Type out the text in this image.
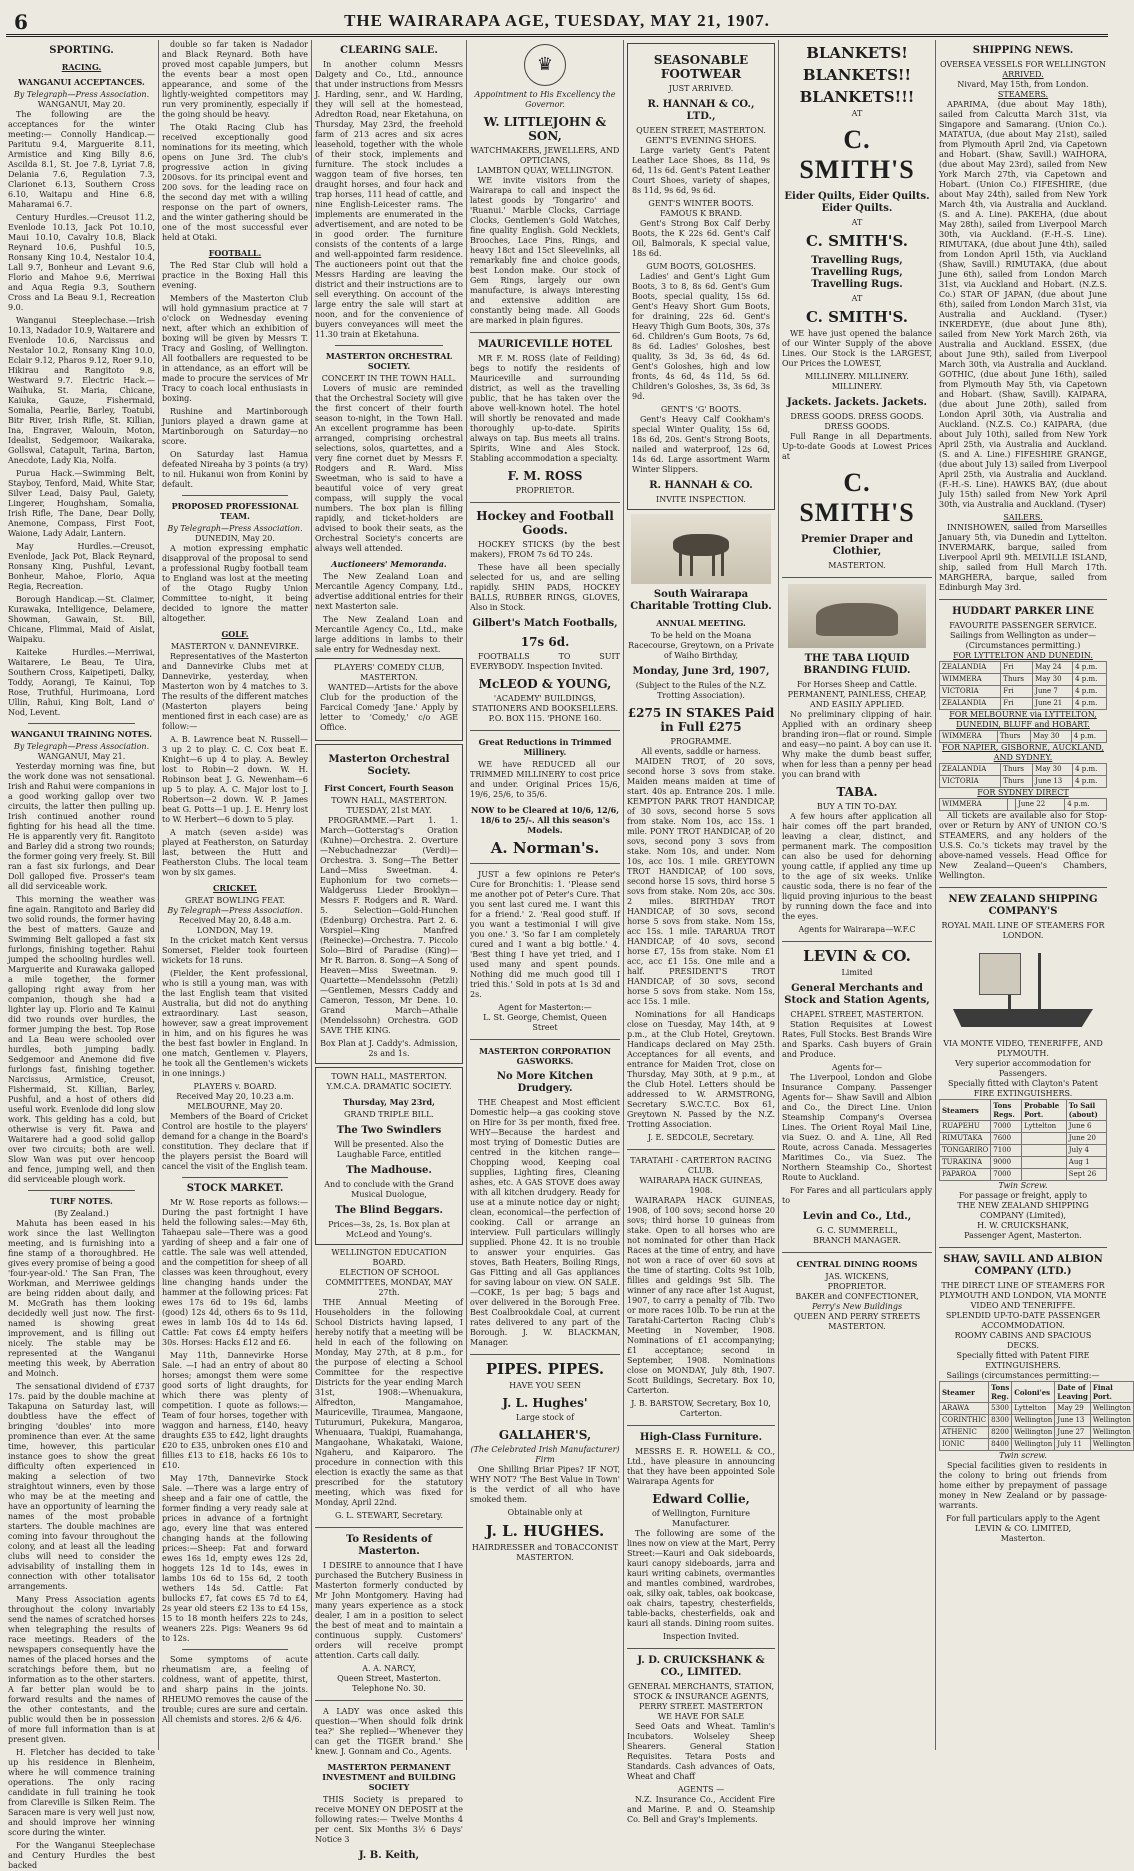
6	THE WAIRARAPA AGE, TUESDAY, MAY 21, 1907.
SPORTING.
RACING.
WANGANUI ACCEPTANCES.
By Telegraph—Press Association.
WANGANUI, May 20.

The following are the acceptances for the winter meeting:— Connolly Handicap.—Paritutu 9.4, Marguerite 8.11, Armistice and King Billy 8.6, Ascilda 8.1, St. Joe 7.8, Lyriat 7.8, Delania 7.6, Regulation 7.3, Clarionet 6.13, Southern Cross 6.10, Waitapu and Hine 6.8, Maharamai 6.7.

Century Hurdles.—Creusot 11.2, Evenlode 10.13, Jack Pot 10.10, Maui 10.10, Cavalry 10.8, Black Reynard 10.6, Pushful 10.5, Ronsany King 10.4, Nestalor 10.4, Lall 9.7, Bonheur and Levant 9.6, Florio and Mahoe 9.6, Merriwai and Aqua Regia 9.3, Southern Cross and La Beau 9.1, Recreation 9.0.

Wanganui Steeplechase.—Irish 10.13, Nadador 10.9, Waitarere and Evenlode 10.6, Narcissus and Nestalor 10.2, Ronsany King 10.0, Eclair 9.12, Pharos 9.12, Roer 9.10, Hikirau and Rangitoto 9.8, Westward 9.7. Electric Hack.—Waihuka, St. Maria, Chicane, Kaiuka, Gauze, Fishermaid, Somalia, Pearlie, Barley, Toatubi, Bitr River, Irish Rifle, St. Killian, Ina, Engraver, Walouin, Moton, Idealist, Sedgemoor, Waikaraka, Gollswal, Catapult, Tarina, Barton, Anecdote, Lady Kia, Nolfa.

Purua Hack.—Swimming Belt, Stayboy, Tenford, Maid, White Star, Silver Lead, Daisy Paul, Gaiety, Lingerer, Houghsham, Somalia, Irish Rifle, The Dane, Dear Dolly, Anemone, Compass, First Foot, Waione, Lady Adair, Lantern.

May Hurdles.—Creusot, Evenlode, Jack Pot, Black Reynard, Ronsany King, Pushful, Levant, Bonheur, Mahoe, Florio, Aqua Regia, Recreation.

Borough Handicap.—St. Claimer, Kurawaka, Intelligence, Delamere, Showman, Gawain, St. Bill, Chicane, Flimmai, Maid of Aislat, Waipaku.

Kaiteke Hurdles.—Merriwai, Waitarere, Le Beau, Te Uira, Southern Cross, Kaipetipeti, Dalky, Toddy, Aorangi, Te Kainui, Top Rose, Truthful, Hurimoana, Lord Ullin, Rahui, King Bolt, Land o' Nod, Levent.

WANGANUI TRAINING NOTES.
By Telegraph—Press Association.
WANGANUI, May 21.

Yesterday morning was fine, but the work done was not sensational. Irish and Rahui were companions in a good working gallop over two circuits, the latter then pulling up. Irish continued another round fighting for his head all the time. He is apparently very fit. Rangitoto and Barley did a strong two rounds; the former going very freely. St. Bill ran a fast six furlongs, and Dear Doll galloped five. Prosser's team all did serviceable work.

This morning the weather was fine again. Rangitoto and Barley did two solid rounds, the former having the best of matters. Gauze and Swimming Belt galloped a fast six furlongs, finishing together. Rahui jumped the schooling hurdles well. Marguerite and Kurawaka galloped a mile together, the former galloping right away from her companion, though she had a lighter lay up. Florio and Te Kainui did two rounds over hurdles, the former jumping the best. Top Rose and La Beau were schooled over hurdles, both jumping badly. Sedgemoor and Anemone did five furlongs fast, finishing together. Narcissus, Armistice, Creusot, Fishermaid, St. Killian, Barley, Pushful, and a host of others did useful work. Evenlode did long slow work. This gelding has a cold, but otherwise is very fit. Pawa and Waitarere had a good solid gallop over two circuits; both are well. Slow Wan was put over hencoop and fence, jumping well, and then did serviceable plough work.

TURF NOTES.
(By Zealand.)

Mahuta has been eased in his work since the last Wellington meeting, and is furnishing into a fine stamp of a thoroughbred. He gives every promise of being a good 'four-year-old.' The San Fran, The Workman, and Merriwee geldings are being ridden about daily, and M. McGrath has them looking decidedly well just now. The first-named is showing great improvement, and is filling out nicely. The stable may be represented at the Wanganui meeting this week, by Aberration and Moinch.

The sensational dividend of £737 17s. paid by the double machine at Takapuna on Saturday last, will doubtless have the effect of bringing 'doubles' into more prominence than ever. At the same time, however, this particular instance goes to show the great difficulty often experienced in making a selection of two straightout winners, even by those who may be at the meeting and have an opportunity of learning the names of the most probable starters. The double machines are coming into favour throughout the colony, and at least all the leading clubs will need to consider the advisability of installing them in connection with other totalisator arrangements.

Many Press Association agents throughout the colony invariably send the names of scratched horses when telegraphing the results of race meetings. Readers of the newspapers consequently have the names of the placed horses and the scratchings before them, but no information as to the other starters. A far better plan would be to forward results and the names of the other contestants, and the public would then be in possession of more full information than is at present given.

H. Fletcher has decided to take up his residence in Blenheim, where he will commence training operations. The only racing candidate in full training he took from Clareville is Silken Reim. The Saracen mare is very well just now, and should improve her winning score during the winter.

For the Wanganui Steeplechase and Century Hurdles the best backed

double so far taken is Nadador and Black Reynard. Both have proved most capable jumpers, but the events bear a most open appearance, and some of the lightly-weighted competitors may run very prominently, especially if the going should be heavy.

The Otaki Racing Club has received exceptionally good nominations for its meeting, which opens on June 3rd. The club's progressive action in giving 200sovs. for its principal event and 200 sovs. for the leading race on the second day met with a willing response on the part of owners, and the winter gathering should be one of the most successful ever held at Otaki.

FOOTBALL.

The Red Star Club will hold a practice in the Boxing Hall this evening.

Members of the Masterton Club will hold gymnasium practice at 7 o'clock on Wednesday evening next, after which an exhibition of boxing will be given by Messrs T. Tracy and Gosling, of Wellington. All footballers are requested to be in attendance, as an effort will be made to procure the services of Mr Tracy to coach local enthusiasts in boxing.

Rushine and Martinborough Juniors played a drawn game at Martinborough on Saturday—no score.

On Saturday last Hamua defeated Nireaha by 3 points (a try) to nil. Hukanui won from Konini by default.

PROPOSED PROFESSIONAL TEAM.
By Telegraph—Press Association.
DUNEDIN, May 20.

A motion expressing emphatic disapproval of the proposal to send a professional Rugby football team to England was lost at the meeting of the Otago Rugby Union Committee to-night, it being decided to ignore the matter altogether.

GOLF.
MASTERTON v. DANNEVIRKE.

Representatives of the Masterton and Dannevirke Clubs met at Dannevirke, yesterday, when Masterton won by 4 matches to 3. The results of the different matches (Masterton players being mentioned first in each case) are as follow:—

A. B. Lawrence beat N. Russell—3 up 2 to play. C. C. Cox beat E. Knight—6 up 4 to play. A. Bewley lost to Robin—2 down. W. H. Robinson beat J. G. Newenham—6 up 5 to play. A. C. Major lost to J. Robertson—2 down. W. P. James beat G. Potts—1 up. J. E. Henry lost to W. Herbert—6 down to 5 play.

A match (seven a-side) was played at Featherston, on Saturday last, between the Hutt and Featherston Clubs. The local team won by six games.

CRICKET.
GREAT BOWLING FEAT.
By Telegraph—Press Association.
Received May 20, 8.48 a.m.
LONDON, May 19.

In the cricket match Kent versus Somerset, Fielder took fourteen wickets for 18 runs.

(Fielder, the Kent professional, who is still a young man, was with the last English team that visited Australia, but did not do anything extraordinary. Last season, however, saw a great improvement in him, and on his figures he was the best fast bowler in England. In one match, Gentlemen v. Players, he took all the Gentlemen's wickets in one innings.)

PLAYERS v. BOARD.
Received May 20, 10.23 a.m.
MELBOURNE, May 20.

Members of the Board of Cricket Control are hostile to the players' demand for a change in the Board's constitution. They declare that if the players persist the Board will cancel the visit of the English team.

STOCK MARKET.

Mr W. Rose reports as follows:—During the past fortnight I have held the following sales:—May 6th, Tahaepau sale—There was a good yarding of sheep and a fair one of cattle. The sale was well attended, and the competition for sheep of all classes was keen throughout, every line changing hands under the hammer at the following prices: Fat ewes 17s 6d to 19s 6d, lambs (good) 12s 4d, others 6s to 9s 11d, ewes in lamb 10s 4d to 14s 6d. Cattle: Fat cows £4 empty heifers 30s. Horses: Hacks £12 and £6.

May 11th, Dannevirke Horse Sale. —I had an entry of about 80 horses; amongst them were some good sorts of light draughts, for which there was plenty of competition. I quote as follows:—Team of four horses, together with waggon and harness, £140, heavy draughts £35 to £42, light draughts £20 to £35, unbroken ones £10 and fillies £13 to £18, hacks £6 10s to £10.

May 17th, Dannevirke Stock Sale. —There was a large entry of sheep and a fair one of cattle, the former finding a very ready sale at prices in advance of a fortnight ago, every line that was entered changing hands at the following prices:—Sheep: Fat and forward ewes 16s 1d, empty ewes 12s 2d, hoggets 12s 1d to 14s, ewes in lambs 10s 6d to 15s 6d, 2 tooth wethers 14s 5d. Cattle: Fat bullocks £7, fat cows £5 7d to £4, 2s year old steers £2 13s to £4 15s, 15 to 18 month heifers 22s to 24s, weaners 22s. Pigs: Weaners 9s 6d to 12s.

Some symptoms of acute rheumatism are, a feeling of coldness, want of appetite, thirst, and sharp pains in the joints. RHEUMO removes the cause of the trouble; cures are sure and certain. All chemists and stores. 2/6 & 4/6.

CLEARING SALE.

In another column Messrs Dalgety and Co., Ltd., announce that under instructions from Messrs J. Harding, senr., and W. Harding, they will sell at the homestead, Adredton Road, near Eketahuna, on Thursday, May 23rd, the freehold farm of 213 acres and six acres leasehold, together with the whole of their stock, implements and furniture. The stock includes a waggon team of five horses, ten draught horses, and four hack and trap horses, 111 head of cattle, and nine English-Leicester rams. The implements are enumerated in the advertisement, and are noted to be in good order. The furniture consists of the contents of a large and well-appointed farm residence. The auctioneers point out that the Messrs Harding are leaving the district and their instructions are to sell everything. On account of the large entry the sale will start at noon, and for the convenience of buyers conveyances will meet the 11.30 train at Eketahuna.

MASTERTON ORCHESTRAL SOCIETY.
CONCERT IN THE TOWN HALL.

Lovers of music are reminded that the Orchestral Society will give the first concert of their fourth season to-night, in the Town Hall. An excellent programme has been arranged, comprising orchestral selections, solos, quartettes, and a very fine cornet duet by Messrs F. Rodgers and R. Ward. Miss Sweetman, who is said to have a beautiful voice of very great compass, will supply the vocal numbers. The box plan is filling rapidly, and ticket-holders are advised to book their seats, as the Orchestral Society's concerts are always well attended.

Auctioneers' Memoranda.

The New Zealand Loan and Mercantile Agency Company, Ltd., advertise additional entries for their next Masterton sale.

The New Zealand Loan and Mercantile Agency Co., Ltd., make large additions in lambs to their sale entry for Wednesday next.

PLAYERS' COMEDY CLUB, MASTERTON.

WANTED—Artists for the above Club for the production of the Farcical Comedy 'Jane.' Apply by letter to 'Comedy,' c/o AGE Office.

Masterton Orchestral Society.
First Concert, Fourth Season
TOWN HALL, MASTERTON.
TUESDAY, 21st MAY.

PROGRAMME.—Part 1. 1. March—Gotterstag's Oration (Kuhne)—Orchestra. 2. Overture—Nebuchadnezzar (Verdi)—Orchestra. 3. Song—The Better Land—Miss Sweetman. 4. Euphonium for two cornets—Waldgeruss Lieder Brooklyn—Messrs F. Rodgers and R. Ward. 5. Selection—Gold-Hunchen (Edenburg) Orchestra. Part 2. 6. Vorspiel—King Manfred (Reinecke)—Orchestra. 7. Piccolo Solo—Bird of Paradise (King)—Mr R. Barron. 8. Song—A Song of Heaven—Miss Sweetman. 9. Quartette—Mendelssohn (Petzli)—Gentlemen, Messrs Caddy and Cameron, Tesson, Mr Dene. 10. Grand March—Athalie (Mendelssohn) Orchestra. GOD SAVE THE KING.

Box Plan at J. Caddy's. Admission, 2s and 1s.
TOWN HALL, MASTERTON.
Y.M.C.A. DRAMATIC SOCIETY.
Thursday, May 23rd,
GRAND TRIPLE BILL.
The Two Swindlers
Will be presented. Also the Laughable Farce, entitled
The Madhouse.
And to conclude with the Grand Musical Duologue,
The Blind Beggars.
Prices—3s, 2s, 1s. Box plan at McLeod and Young's.
WELLINGTON EDUCATION BOARD.
ELECTION OF SCHOOL COMMITTEES, MONDAY, MAY 27th.

THE Annual Meeting of Householders in the following School Districts having lapsed, I hereby notify that a meeting will be held in each of the following on Monday, May 27th, at 8 p.m., for the purpose of electing a School Committee for the respective Districts for the year ending March 31st, 1908:—Whenuakura, Alfredton, Mangamahoe, Mauriceville, Tiraumea, Mangaone, Tuturumuri, Pukekura, Mangaroa, Whenuaara, Tuakipi, Ruamahanga, Mangaohane, Whakataki, Waione, Ngaheru, and Kaiparoro. The procedure in connection with this election is exactly the same as that prescribed for the statutory meeting, which was fixed for Monday, April 22nd.

G. L. STEWART, Secretary.
To Residents of Masterton.

I DESIRE to announce that I have purchased the Butchery Business in Masterton formerly conducted by Mr John Montgomery. Having had many years experience as a stock dealer, I am in a position to select the best of meat and to maintain a continuous supply. Customers' orders will receive prompt attention. Carts call daily.

A. A. NARCY,
Queen Street, Masterton.
Telephone No. 30.

A LADY was once asked this question—'When should folk drink tea?' She replied—'Whenever they can get the TIGER brand.' She knew. J. Gonnam and Co., Agents.

MASTERTON PERMANENT INVESTMENT and BUILDING SOCIETY

THIS Society is prepared to receive MONEY ON DEPOSIT at the following rates:— Twelve Months 4 per cent. Six Months 3½ 6 Days' Notice 3

J. B. Keith,
♛
Appointment to His Excellency the Governor.
W. LITTLEJOHN & SON,
WATCHMAKERS, JEWELLERS, AND OPTICIANS,
LAMBTON QUAY, WELLINGTON.

WE invite visitors from the Wairarapa to call and inspect the latest goods by 'Tongariro' and 'Ruanui.' Marble Clocks, Carriage Clocks, Gentlemen's Gold Watches, fine quality English. Gold Necklets, Brooches, Lace Pins, Rings, and heavy 18ct and 15ct Sleevelinks, all remarkably fine and choice goods, best London make. Our stock of Gem Rings, largely our own manufacture, is always interesting and extensive addition are constantly being made. All Goods are marked in plain figures.

MAURICEVILLE HOTEL

MR F. M. ROSS (late of Feilding) begs to notify the residents of Mauriceville and surrounding district, as well as the travelling public, that he has taken over the above well-known hotel. The hotel will shortly be renovated and made thoroughly up-to-date. Spirits always on tap. Bus meets all trains. Spirits, Wine and Ales Stock. Stabling accommodation a specialty.

F. M. ROSS
PROPRIETOR.
Hockey and Football Goods.

HOCKEY STICKS (by the best makers), FROM 7s 6d TO 24s.

These have all been specially selected for us, and are selling rapidly. SHIN PADS, HOCKEY BALLS, RUBBER RINGS, GLOVES, Also in Stock.

Gilbert's Match Footballs,
17s 6d.

FOOTBALLS TO SUIT EVERYBODY. Inspection Invited.

McLEOD & YOUNG,
'ACADEMY' BUILDINGS, STATIONERS AND BOOKSELLERS.
P.O. BOX 115. 'PHONE 160.
Great Reductions in Trimmed Millinery.

WE have REDUCED all our TRIMMED MILLINERY to cost price and under. Original Prices 15/6, 19/6, 25/6, to 35/6.

NOW to be Cleared at 10/6, 12/6, 18/6 to 25/-. All this season's Models.
A. Norman's.

JUST a few opinions re Peter's Cure for Bronchitis: 1. 'Please send me another pot of Peter's Cure. That you sent last cured me. I want this for a friend.' 2. 'Real good stuff. If you want a testimonial I will give you one.' 3. 'So far I am completely cured and I want a big bottle.' 4. 'Best thing I have yet tried, and I used many and spent pounds. Nothing did me much good till I tried this.' Sold in pots at 1s 3d and 2s.

Agent for Masterton:—
L. St. George, Chemist, Queen Street
MASTERTON CORPORATION GASWORKS.
No More Kitchen Drudgery.

THE Cheapest and Most efficient Domestic help—a gas cooking stove on Hire for 3s per month, fixed free. WHY—Because the hardest and most trying of Domestic Duties are centred in the kitchen range—Chopping wood, Keeping coal supplies, Lighting fires, Cleaning ashes, etc. A GAS STOVE does away with all kitchen drudgery. Ready for use at a minute notice day or night; clean, economical—the perfection of cooking. Call or arrange an interview. Full particulars willingly supplied. Phone 42. It is no trouble to answer your enquiries. Gas stoves, Bath Heaters, Boiling Rings, Gas Fitting and all Gas appliances for saving labour on view. ON SALE.—COKE, 1s per bag; 5 bags and over delivered in the Borough Free. Best Coalbrookdale Coal, at current rates delivered to any part of the Borough. J. W. BLACKMAN, Manager.

PIPES. PIPES.
HAVE YOU SEEN
J. L. Hughes'
Large stock of
GALLAHER'S,
(The Celebrated Irish Manufacturer) Firm

One Shilling Briar Pipes? IF NOT, WHY NOT? 'The Best Value in Town' is the verdict of all who have smoked them.

Obtainable only at
J. L. HUGHES.
HAIRDRESSER and TOBACCONIST
MASTERTON.
SEASONABLE FOOTWEAR
JUST ARRIVED.
R. HANNAH & CO., LTD.,
QUEEN STREET, MASTERTON.
GENT'S EVENING SHOES.

Large variety Gent's Patent Leather Lace Shoes, 8s 11d, 9s 6d, 11s 6d. Gent's Patent Leather Court Shoes, variety of shapes, 8s 11d, 9s 6d, 9s 6d.

GENT'S WINTER BOOTS.
FAMOUS K BRAND.

Gent's Strong Box Calf Derby Boots, the K 22s 6d. Gent's Calf Oil, Balmorals, K special value, 18s 6d.

GUM BOOTS, GOLOSHES.

Ladies' and Gent's Light Gum Boots, 3 to 8, 8s 6d. Gent's Gum Boots, special quality, 15s 6d. Gent's Heavy Short Gum Boots, for draining, 22s 6d. Gent's Heavy Thigh Gum Boots, 30s, 37s 6d. Children's Gum Boots, 7s 6d, 8s 6d. Ladies' Goloshes, best quality, 3s 3d, 3s 6d, 4s 6d. Gent's Goloshes, high and low fronts, 4s 6d, 4s 11d, 5s 6d. Children's Goloshes, 3s, 3s 6d, 3s 9d.

GENT'S 'G' BOOTS.

Gent's Heavy Calf Cookham's special Winter Quality, 15s 6d, 18s 6d, 20s. Gent's Strong Boots, nailed and waterproof, 12s 6d, 14s 6d. Large assortment Warm Winter Slippers.

R. HANNAH & CO.
INVITE INSPECTION.
South Wairarapa Charitable Trotting Club.
ANNUAL MEETING.
To be held on the Moana Racecourse, Greytown, on a Private of Waiho Birthday,
Monday, June 3rd, 1907,
(Subject to the Rules of the N.Z. Trotting Association).
£275 IN STAKES Paid in Full £275
PROGRAMME.
All events, saddle or harness.

MAIDEN TROT, of 20 sovs, second horse 3 sovs from stake. Maiden means maiden at time of start. 40s ap. Entrance 20s. 1 mile. KEMPTON PARK TROT HANDICAP, of 30 sovs, second horse 5 sovs from stake. Nom 10s, acc 15s. 1 mile. PONY TROT HANDICAP, of 20 sovs, second pony 3 sovs from stake. Nom 10s, and under. Nom 10s, acc 10s. 1 mile. GREYTOWN TROT HANDICAP, of 100 sovs, second horse 15 sovs, third horse 5 sovs from stake. Nom 20s, acc 30s. 2 miles. BIRTHDAY TROT HANDICAP, of 30 sovs, second horse 5 sovs from stake. Nom 15s, acc 15s. 1 mile. TARARUA TROT HANDICAP, of 40 sovs, second horse £7, 15s from stake. Nom £1 acc, acc £1 15s. One mile and a half. PRESIDENT'S TROT HANDICAP, of 30 sovs, second horse 5 sovs from stake. Nom 15s, acc 15s. 1 mile.

Nominations for all Handicaps close on Tuesday, May 14th, at 9 p.m., at the Club Hotel, Greytown. Handicaps declared on May 25th. Acceptances for all events, and entrance for Maiden Trot, close on Thursday, May 30th, at 9 p.m., at the Club Hotel. Letters should be addressed to W. ARMSTRONG, Secretary S.W.C.T.C. Box 61, Greytown N. Passed by the N.Z. Trotting Association.

J. E. SEDCOLE, Secretary.
TARATAHI - CARTERTON RACING CLUB.
WAIRARAPA HACK GUINEAS, 1908.

WAIRARAPA HACK GUINEAS, 1908, of 100 sovs; second horse 20 sovs; third horse 10 guineas from stake. Open to all horses who are not nominated for other than Hack Races at the time of entry, and have not won a race of over 60 sovs at the time of starting. Colts 9st 10lb, fillies and geldings 9st 5lb. The winner of any race after 1st August, 1907, to carry a penalty of 7lb. Two or more races 10lb. To be run at the Taratahi-Carterton Racing Club's Meeting in November, 1908. Nominations of £1 accompanying; £1 acceptance; second in September, 1908. Nominations close on MONDAY, July 8th, 1907. Scott Buildings, Secretary. Box 10, Carterton.

J. B. BARSTOW, Secretary, Box 10, Carterton.
High-Class Furniture.

MESSRS E. R. HOWELL & CO., Ltd., have pleasure in announcing that they have been appointed Sole Wairarapa Agents for

Edward Collie,
of Wellington, Furniture Manufacturer.

The following are some of the lines now on view at the Mart, Perry Street:—Kauri and Oak sideboards, kauri canopy sideboards, jarra and kauri writing cabinets, overmantles and mantles combined, wardrobes, oak, silky oak, tables, oak bookcase, oak chairs, tapestry, chesterfields, table-backs, chesterfields, oak and kauri all stands. Dining room suites.

Inspection Invited.
J. D. CRUICKSHANK & CO., LIMITED.
GENERAL MERCHANTS, STATION, STOCK & INSURANCE AGENTS,
PERRY STREET. MASTERTON
WE HAVE FOR SALE

Seed Oats and Wheat. Tamlin's Incubators. Wolseley Sheep Shearers. General Station Requisites. Tetara Posts and Standards. Cash advances of Oats, Wheat and Chaff

AGENTS —

N.Z. Insurance Co., Accident Fire and Marine. P. and O. Steamship Co. Bell and Gray's Implements.

BLANKETS!
BLANKETS!!
BLANKETS!!!
AT
C. SMITH'S
Eider Quilts, Eider Quilts. Eider Quilts.
AT
C. SMITH'S.
Travelling Rugs, Travelling Rugs, Travelling Rugs.
AT
C. SMITH'S.

WE have just opened the balance of our Winter Supply of the above Lines. Our Stock is the LARGEST, Our Prices the LOWEST,

MILLINERY. MILLINERY. MILLINERY.
Jackets. Jackets. Jackets.
DRESS GOODS. DRESS GOODS. DRESS GOODS.

Full Range in all Departments. Up-to-date Goods at Lowest Prices at

C. SMITH'S
Premier Draper and Clothier,
MASTERTON.
THE TABA LIQUID BRANDING FLUID.
For Horses Sheep and Cattle.
PERMANENT, PAINLESS, CHEAP, AND EASILY APPLIED.

No preliminary clipping of hair. Applied with an ordinary sheep branding iron—flat or round. Simple and easy—no paint. A boy can use it. Why make the dumb beast suffer, when for less than a penny per head you can brand with

TABA.
BUY A TIN TO-DAY.

A few hours after application all hair comes off the part branded, leaving a clear, distinct, and permanent mark. The composition can also be used for dehorning young cattle, if applied any time up to the age of six weeks. Unlike caustic soda, there is no fear of the liquid proving injurious to the beast by running down the face and into the eyes.

Agents for Wairarapa—W.F.C
LEVIN & CO.
Limited
General Merchants and Stock and Station Agents,
CHAPEL STREET, MASTERTON.

Station Requisites at Lowest Rates, Full Stocks. Best Brands Wire and Sparks. Cash buyers of Grain and Produce.

Agents for—

The Liverpool, London and Globe Insurance Company. Passenger Agents for— Shaw Savill and Albion and Co., the Direct Line. Union Steamship Company's Oversea Lines. The Orient Royal Mail Line, via Suez. O. and A. Line, All Red Route, across Canada. Messageries Maritimes Co., via Suez. The Northern Steamship Co., Shortest Route to Auckland.

For Fares and all particulars apply to

Levin and Co., Ltd.,
G. C. SUMMERELL,
BRANCH MANAGER.
CENTRAL DINING ROOMS
JAS. WICKENS,
PROPRIETOR.
BAKER and CONFECTIONER,
Perry's New Buildings
QUEEN AND PERRY STREETS
MASTERTON.
SHIPPING NEWS.
OVERSEA VESSELS FOR WELLINGTON
ARRIVED.
Nivard, May 15th, from London.
STEAMERS.

APARIMA, (due about May 18th), sailed from Calcutta March 31st, via Singapore and Samarang. (Union Co.). MATATUA, (due about May 21st), sailed from Plymouth April 2nd, via Capetown and Hobart. (Shaw, Savill.) WAIHORA, (due about May 23rd), sailed from New York March 27th, via Capetown and Hobart. (Union Co.) FIFESHIRE, (due about May 24th), sailed from New York March 4th, via Australia and Auckland. (S. and A. Line). PAKEHA, (due about May 28th), sailed from Liverpool March 30th, via Auckland. (F.-H.-S. Line). RIMUTAKA, (due about June 4th), sailed from London April 15th, via Auckland (Shaw, Savill.) RIMUTAKA, (due about June 6th), sailed from London March 31st, via Auckland and Hobart. (N.Z.S. Co.) STAR OF JAPAN, (due about June 6th), sailed from London March 31st, via Australia and Auckland. (Tyser.) INKERDEYE, (due about June 8th), sailed from New York March 26th, via Australia and Auckland. ESSEX, (due about June 9th), sailed from Liverpool March 30th, via Australia and Auckland. GOTHIC, (due about June 16th), sailed from Plymouth May 5th, via Capetown and Hobart. (Shaw, Savill). KAIPARA, (due about June 20th), sailed from London April 30th, via Australia and Auckland. (N.Z.S. Co.) KAIPARA, (due about July 10th), sailed from New York April 25th, via Australia and Auckland. (S. and A. Line.) FIFESHIRE GRANGE, (due about July 13) sailed from Liverpool April 25th, via Australia and Auckland. (F.-H.-S. Line). HAWKS BAY, (due about July 15th) sailed from New York April 30th, via Australia and Auckland. (Tyser)

SAILERS.

INNISHOWEN, sailed from Marseilles January 5th, via Dunedin and Lyttelton. INVERMARK, barque, sailed from Liverpool April 9th. MELVILLE ISLAND, ship, sailed from Hull March 17th. MARGHERA, barque, sailed from Edinburgh May 3rd.

HUDDART PARKER LINE
FAVOURITE PASSENGER SERVICE.
Sailings from Wellington as under—(Circumstances permitting.)
FOR LYTTELTON AND DUNEDIN.
ZEALANDIA	Fri	May 24	4 p.m.
WIMMERA	Thurs	May 30	4 p.m.
VICTORIA	Fri	June 7	4 p.m.
ZEALANDIA	Fri	June 21	4 p.m.
FOR MELBOURNE via LYTTELTON, DUNEDIN, BLUFF and HOBART.
WIMMERA	Thurs	May 30	4 p.m.
FOR NAPIER, GISBORNE, AUCKLAND, AND SYDNEY.
ZEALANDIA	Thurs	May 30	4 p.m.
VICTORIA	Thurs	June 13	4 p.m.
FOR SYDNEY DIRECT
WIMMERA		June 22	4 p.m.

All tickets are available also for Stop-over or Return by ANY of UNION CO.'S STEAMERS, and any holders of the U.S.S. Co.'s tickets may travel by the above-named vessels. Head Office for New Zealand—Queen's Chambers, Wellington.

NEW ZEALAND SHIPPING COMPANY'S
ROYAL MAIL LINE OF STEAMERS FOR LONDON.
VIA MONTE VIDEO, TENERIFFE, AND PLYMOUTH.
Very superior accommodation for Passengers.
Specially fitted with Clayton's Patent
FIRE EXTINGUISHERS.
Steamers	Tons Regs.	Probable Port.	To Sail (about)
RUAPEHU	7000	Lyttelton	June 6
RIMUTAKA	7600		June 20
TONGARIRO	7100		July 4
TURAKINA	9000		Aug 1
PAPAROA	7000		Sept 26
Twin Screw.
For passage or freight, apply to
THE NEW ZEALAND SHIPPING COMPANY (Limited),
H. W. CRUICKSHANK,
Passenger Agent, Masterton.
SHAW, SAVILL AND ALBION COMPANY (LTD.)
THE DIRECT LINE OF STEAMERS FOR PLYMOUTH AND LONDON, VIA MONTE VIDEO AND TENERIFFE.
SPLENDID UP-TO-DATE PASSENGER ACCOMMODATION.
ROOMY CABINS AND SPACIOUS DECKS.
Specially fitted with Patent FIRE EXTINGUISHERS.
Sailings (circumstances permitting:—
Steamer	Tons Reg.	Coloni'es	Date of Leaving	Final Port.
ARAWA	5300	Lyttelton	May 29	Wellington
CORINTHIC	8300	Wellington	June 13	Wellington
ATHENIC	8200	Wellington	June 27	Wellington
IONIC	8400	Wellington	July 11	Wellington
Twin screw.

Special facilities given to residents in the colony to bring out friends from home either by prepayment of passage money in New Zealand or by passage-warrants.

For full particulars apply to the Agent
LEVIN & CO. LIMITED,
Masterton.
